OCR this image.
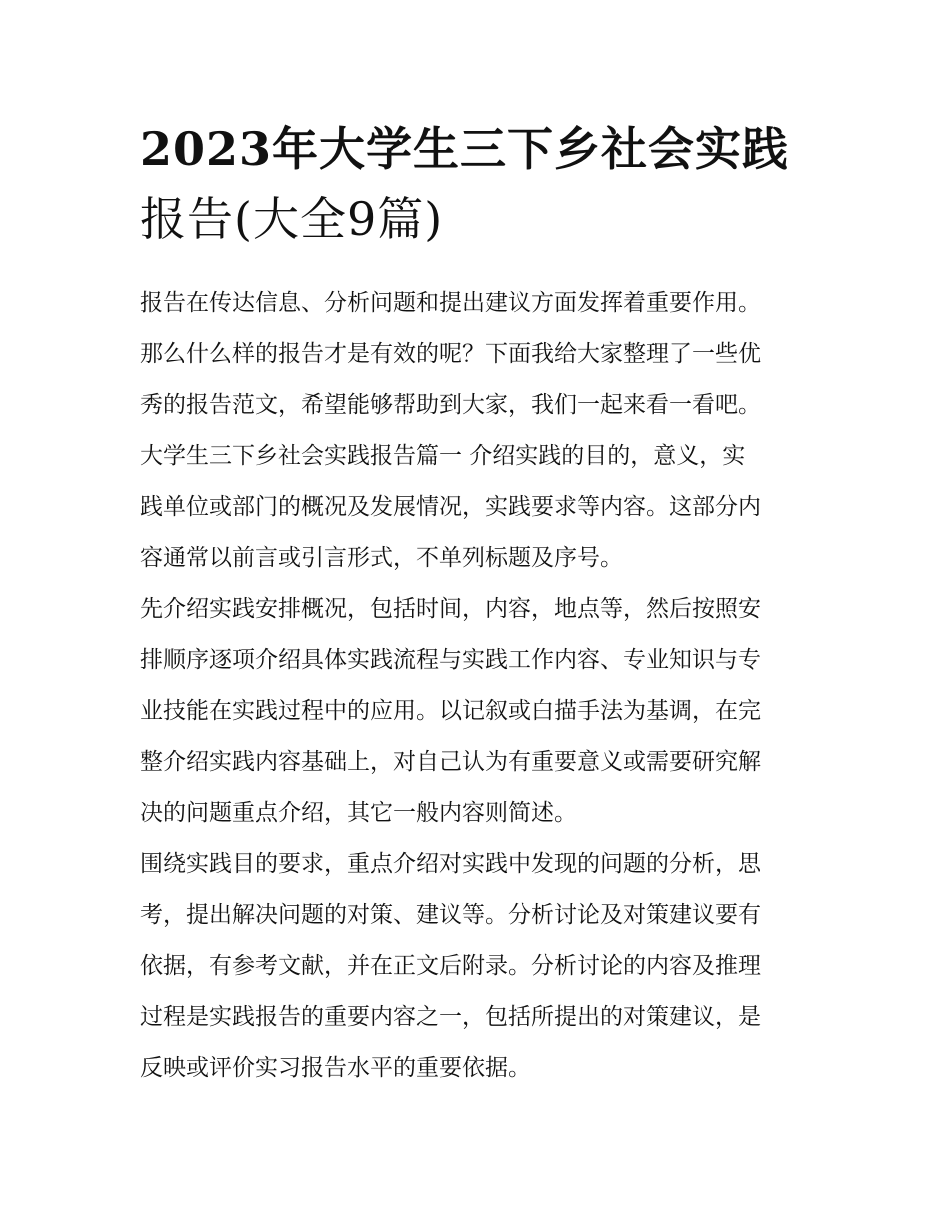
2023年大学生三下乡社会实践
报告(大全9篇)
报告在传达信息、分析问题和提出建议方面发挥着重要作用。
那么什么样的报告才是有效的呢？下面我给大家整理了一些优
秀的报告范文，希望能够帮助到大家，我们一起来看一看吧。
大学生三下乡社会实践报告篇一 介绍实践的目的，意义，实
践单位或部门的概况及发展情况，实践要求等内容。这部分内
容通常以前言或引言形式，不单列标题及序号。
先介绍实践安排概况，包括时间，内容，地点等，然后按照安
排顺序逐项介绍具体实践流程与实践工作内容、专业知识与专
业技能在实践过程中的应用。以记叙或白描手法为基调，在完
整介绍实践内容基础上，对自己认为有重要意义或需要研究解
决的问题重点介绍，其它一般内容则简述。
围绕实践目的要求，重点介绍对实践中发现的问题的分析，思
考，提出解决问题的对策、建议等。分析讨论及对策建议要有
依据，有参考文献，并在正文后附录。分析讨论的内容及推理
过程是实践报告的重要内容之一，包括所提出的对策建议，是
反映或评价实习报告水平的重要依据。
